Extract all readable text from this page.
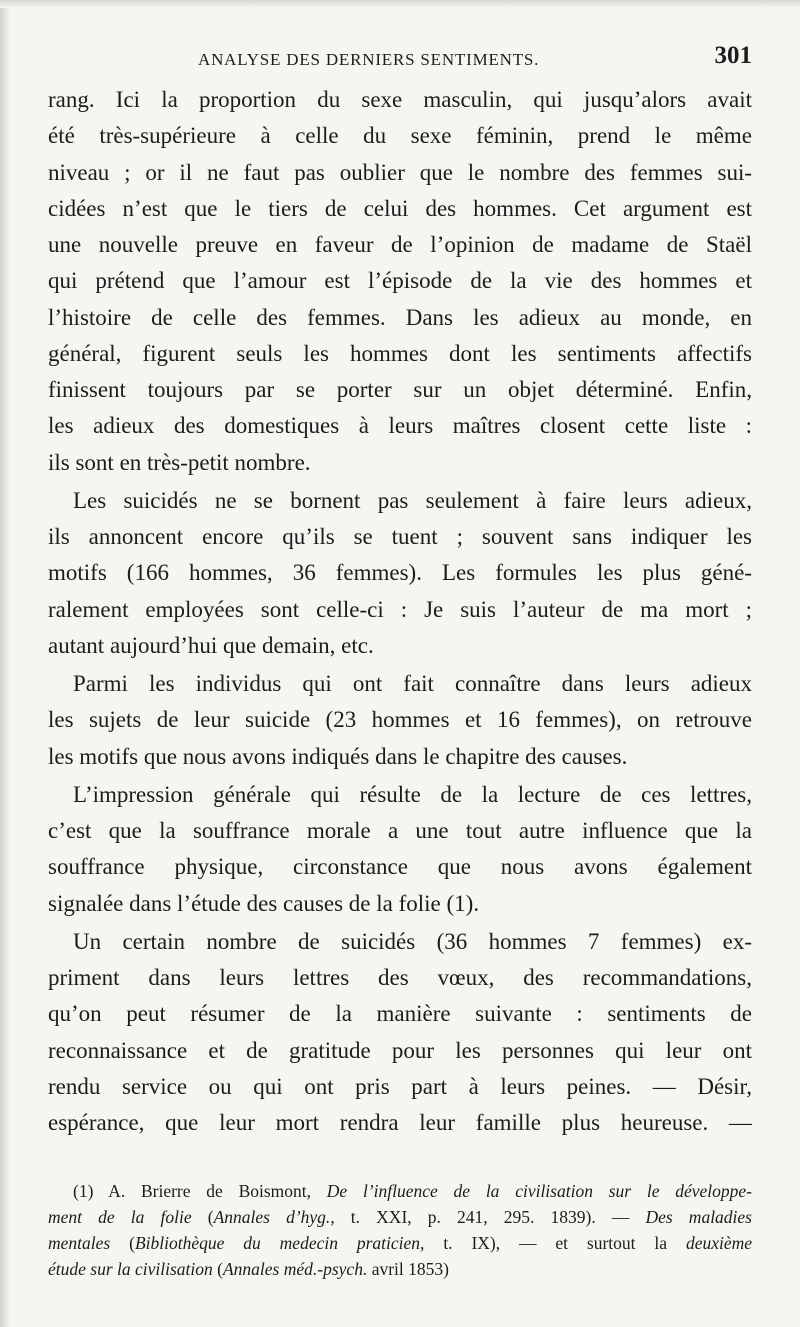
ANALYSE DES DERNIERS SENTIMENTS.	301
rang. Ici la proportion du sexe masculin, qui jusqu’alors avait
été très-supérieure à celle du sexe féminin, prend le même
niveau ; or il ne faut pas oublier que le nombre des femmes sui-
cidées n’est que le tiers de celui des hommes. Cet argument est
une nouvelle preuve en faveur de l’opinion de madame de Staël
qui prétend que l’amour est l’épisode de la vie des hommes et
l’histoire de celle des femmes. Dans les adieux au monde, en
général, figurent seuls les hommes dont les sentiments affectifs
finissent toujours par se porter sur un objet déterminé. Enfin,
les adieux des domestiques à leurs maîtres closent cette liste :
ils sont en très-petit nombre.
Les suicidés ne se bornent pas seulement à faire leurs adieux,
ils annoncent encore qu’ils se tuent ; souvent sans indiquer les
motifs (166 hommes, 36 femmes). Les formules les plus géné-
ralement employées sont celle-ci : Je suis l’auteur de ma mort ;
autant aujourd’hui que demain, etc.
Parmi les individus qui ont fait connaître dans leurs adieux
les sujets de leur suicide (23 hommes et 16 femmes), on retrouve
les motifs que nous avons indiqués dans le chapitre des causes.
L’impression générale qui résulte de la lecture de ces lettres,
c’est que la souffrance morale a une tout autre influence que la
souffrance physique, circonstance que nous avons également
signalée dans l’étude des causes de la folie (1).
Un certain nombre de suicidés (36 hommes 7 femmes) ex-
priment dans leurs lettres des vœux, des recommandations,
qu’on peut résumer de la manière suivante : sentiments de
reconnaissance et de gratitude pour les personnes qui leur ont
rendu service ou qui ont pris part à leurs peines. — Désir,
espérance, que leur mort rendra leur famille plus heureuse. —
(1) A. Brierre de Boismont, De l’influence de la civilisation sur le développe-
ment de la folie (Annales d’hyg., t. XXI, p. 241, 295. 1839). — Des maladies
mentales (Bibliothèque du medecin praticien, t. IX), — et surtout la deuxième
étude sur la civilisation (Annales méd.-psych. avril 1853)
